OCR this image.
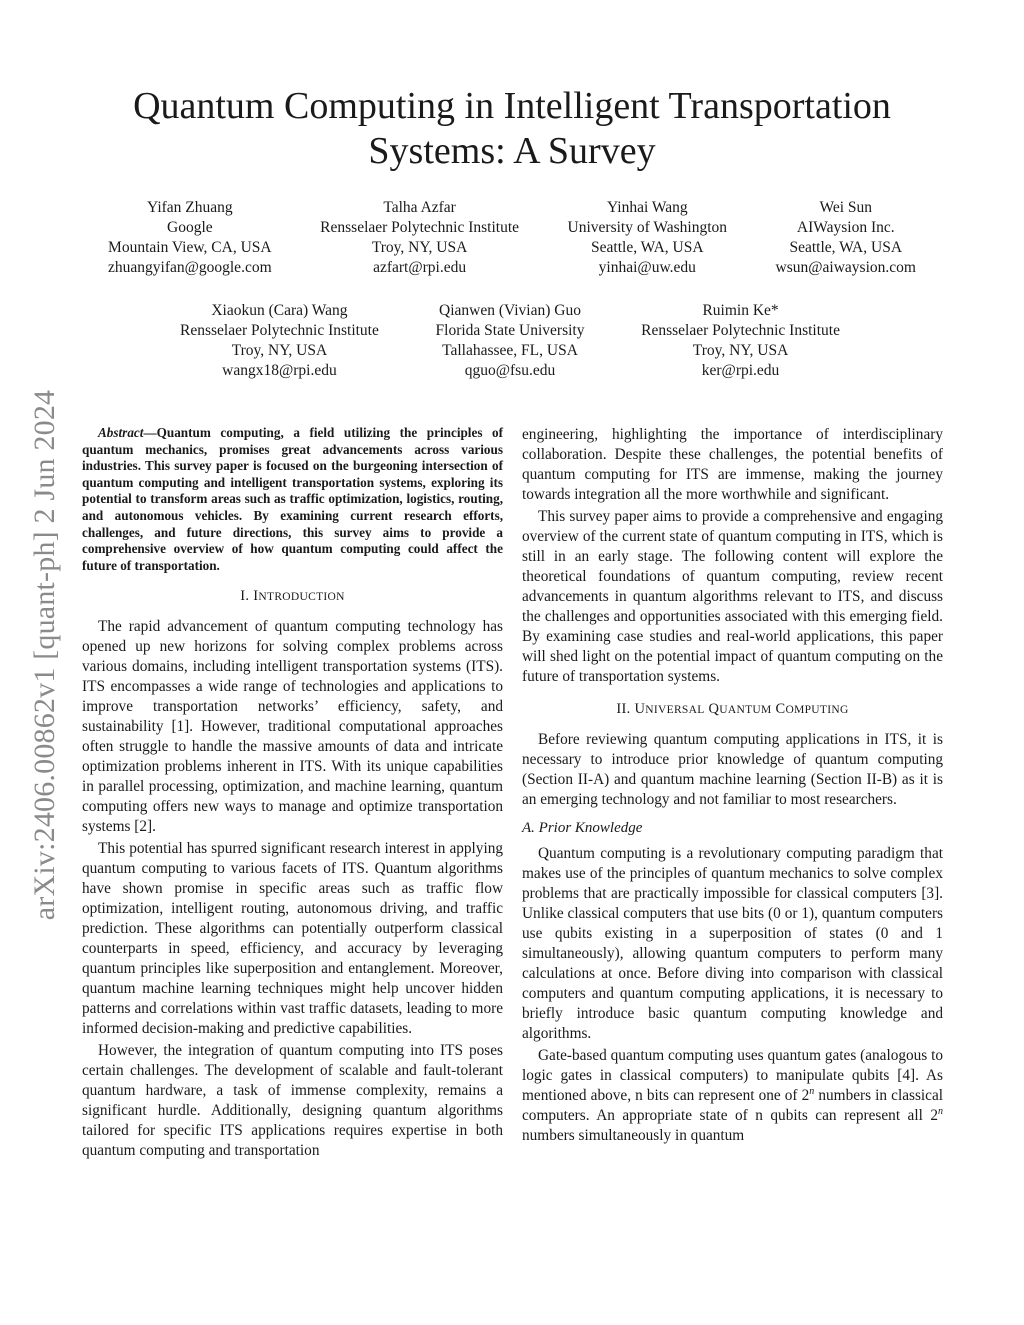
arXiv:2406.00862v1 [quant-ph] 2 Jun 2024
Quantum Computing in Intelligent Transportation Systems: A Survey
Yifan Zhuang
Google
Mountain View, CA, USA
zhuangyifan@google.com
Talha Azfar
Rensselaer Polytechnic Institute
Troy, NY, USA
azfart@rpi.edu
Yinhai Wang
University of Washington
Seattle, WA, USA
yinhai@uw.edu
Wei Sun
AIWaysion Inc.
Seattle, WA, USA
wsun@aiwaysion.com
Xiaokun (Cara) Wang
Rensselaer Polytechnic Institute
Troy, NY, USA
wangx18@rpi.edu
Qianwen (Vivian) Guo
Florida State University
Tallahassee, FL, USA
qguo@fsu.edu
Ruimin Ke*
Rensselaer Polytechnic Institute
Troy, NY, USA
ker@rpi.edu

Abstract—Quantum computing, a field utilizing the principles of quantum mechanics, promises great advancements across various industries. This survey paper is focused on the burgeoning intersection of quantum computing and intelligent transportation systems, exploring its potential to transform areas such as traffic optimization, logistics, routing, and autonomous vehicles. By examining current research efforts, challenges, and future directions, this survey aims to provide a comprehensive overview of how quantum computing could affect the future of transportation.

I. INTRODUCTION

The rapid advancement of quantum computing technology has opened up new horizons for solving complex problems across various domains, including intelligent transportation systems (ITS). ITS encompasses a wide range of technologies and applications to improve transportation networks’ efficiency, safety, and sustainability [1]. However, traditional computational approaches often struggle to handle the massive amounts of data and intricate optimization problems inherent in ITS. With its unique capabilities in parallel processing, optimization, and machine learning, quantum computing offers new ways to manage and optimize transportation systems [2].

This potential has spurred significant research interest in applying quantum computing to various facets of ITS. Quantum algorithms have shown promise in specific areas such as traffic flow optimization, intelligent routing, autonomous driving, and traffic prediction. These algorithms can potentially outperform classical counterparts in speed, efficiency, and accuracy by leveraging quantum principles like superposition and entanglement. Moreover, quantum machine learning techniques might help uncover hidden patterns and correlations within vast traffic datasets, leading to more informed decision-making and predictive capabilities.

However, the integration of quantum computing into ITS poses certain challenges. The development of scalable and fault-tolerant quantum hardware, a task of immense complexity, remains a significant hurdle. Additionally, designing quantum algorithms tailored for specific ITS applications requires expertise in both quantum computing and transportation

engineering, highlighting the importance of interdisciplinary collaboration. Despite these challenges, the potential benefits of quantum computing for ITS are immense, making the journey towards integration all the more worthwhile and significant.

This survey paper aims to provide a comprehensive and engaging overview of the current state of quantum computing in ITS, which is still in an early stage. The following content will explore the theoretical foundations of quantum computing, review recent advancements in quantum algorithms relevant to ITS, and discuss the challenges and opportunities associated with this emerging field. By examining case studies and real-world applications, this paper will shed light on the potential impact of quantum computing on the future of transportation systems.

II. UNIVERSAL QUANTUM COMPUTING

Before reviewing quantum computing applications in ITS, it is necessary to introduce prior knowledge of quantum computing (Section II-A) and quantum machine learning (Section II-B) as it is an emerging technology and not familiar to most researchers.

A. Prior Knowledge

Quantum computing is a revolutionary computing paradigm that makes use of the principles of quantum mechanics to solve complex problems that are practically impossible for classical computers [3]. Unlike classical computers that use bits (0 or 1), quantum computers use qubits existing in a superposition of states (0 and 1 simultaneously), allowing quantum computers to perform many calculations at once. Before diving into comparison with classical computers and quantum computing applications, it is necessary to briefly introduce basic quantum computing knowledge and algorithms.

Gate-based quantum computing uses quantum gates (analogous to logic gates in classical computers) to manipulate qubits [4]. As mentioned above, n bits can represent one of 2$^n$ numbers in classical computers. An appropriate state of n qubits can represent all 2$^n$ numbers simultaneously in quantum
